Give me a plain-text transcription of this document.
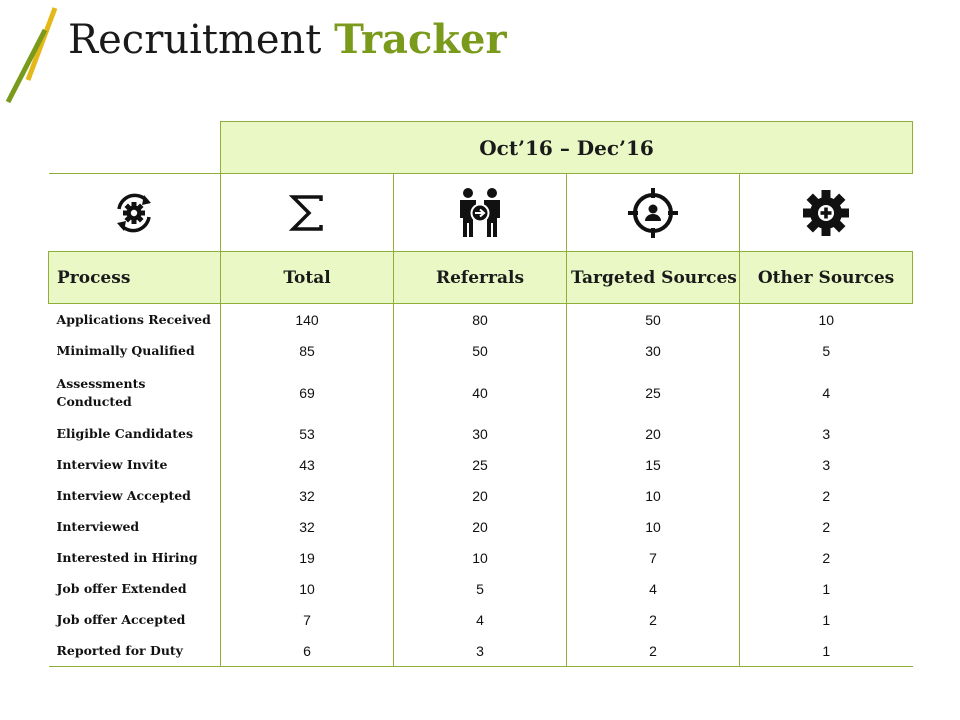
Recruitment Tracker
	Oct’16 – Dec’16			

Process	Total	Referrals	Targeted Sources	Other Sources
Applications Received	140	80	50	10
Minimally Qualified	85	50	30	5
Assessments Conducted	69	40	25	4
Eligible Candidates	53	30	20	3
Interview Invite	43	25	15	3
Interview Accepted	32	20	10	2
Interviewed	32	20	10	2
Interested in Hiring	19	10	7	2
Job offer Extended	10	5	4	1
Job offer Accepted	7	4	2	1
Reported for Duty	6	3	2	1
